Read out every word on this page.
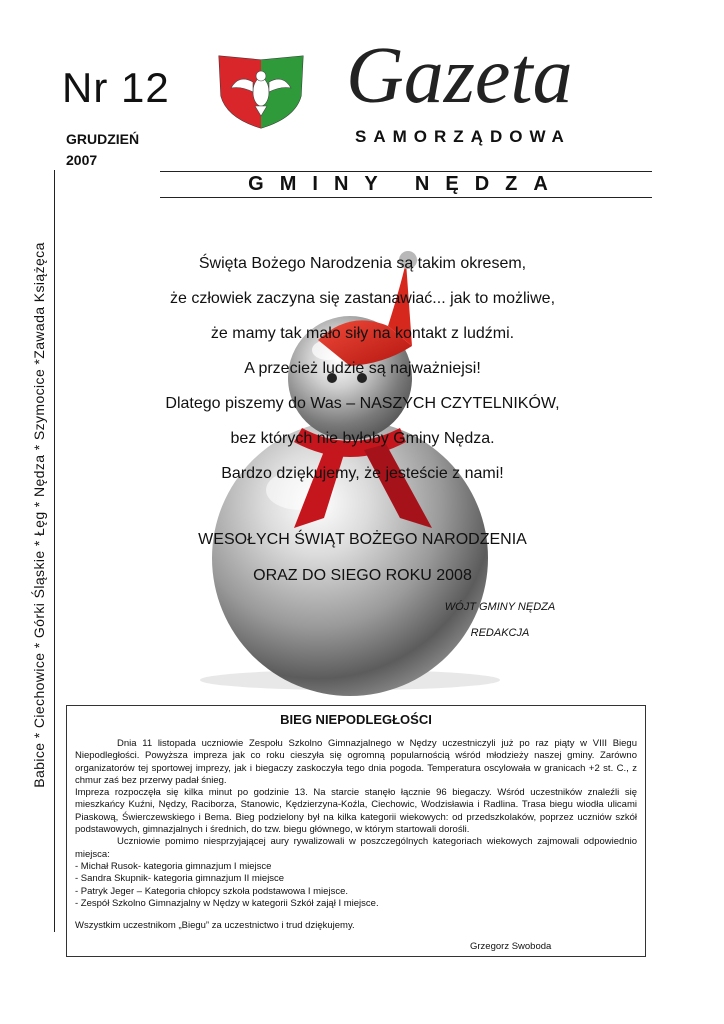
Nr 12 Gazeta
GRUDZIEŃ
2007
SAMORZĄDOWA
GMINY NĘDZA
Babice * Ciechowice * Górki Śląskie * Łęg * Nędza * Szymocice *Zawada Książęca	Święta Bożego Narodzenia są takim okresem,
że człowiek zaczyna się zastanawiać... jak to możliwe,
że mamy tak mało siły na kontakt z ludźmi.
A przecież ludzie są najważniejsi!
Dlatego piszemy do Was – NASZYCH CZYTELNIKÓW,
bez których nie byłoby Gminy Nędza.
Bardzo dziękujemy, że jesteście z nami!
WESOŁYCH ŚWIĄT BOŻEGO NARODZENIA
ORAZ DO SIEGO ROKU 2008
WÓJT GMINY NĘDZA
REDAKCJA
BIEG NIEPODLEGŁOŚCI

Dnia 11 listopada uczniowie Zespołu Szkolno Gimnazjalnego w Nędzy uczestniczyli już po raz piąty w VIII Biegu Niepodległości. Powyższa impreza jak co roku cieszyła się ogromną popularnością wśród młodzieży naszej gminy. Zarówno organizatorów tej sportowej imprezy, jak i biegaczy zaskoczyła tego dnia pogoda. Temperatura oscylowała w granicach +2 st. C., z chmur zaś bez przerwy padał śnieg.

Impreza rozpoczęła się kilka minut po godzinie 13. Na starcie stanęło łącznie 96 biegaczy. Wśród uczestników znaleźli się mieszkańcy Kuźni, Nędzy, Raciborza, Stanowic, Kędzierzyna-Koźla, Ciechowic, Wodzisławia i Radlina. Trasa biegu wiodła ulicami Piaskową, Świerczewskiego i Bema. Bieg podzielony był na kilka kategorii wiekowych: od przedszkolaków, poprzez uczniów szkół podstawowych, gimnazjalnych i średnich, do tzw. biegu głównego, w którym startowali dorośli.

Uczniowie pomimo niesprzyjającej aury rywalizowali w poszczególnych kategoriach wiekowych zajmowali odpowiednio miejsca:

- Michał Rusok- kategoria gimnazjum I miejsce

- Sandra Skupnik- kategoria gimnazjum II miejsce

- Patryk Jeger – Kategoria chłopcy szkoła podstawowa I miejsce.

- Zespół Szkolno Gimnazjalny w Nędzy w kategorii Szkół zajął I miejsce.

Wszystkim uczestnikom „Biegu” za uczestnictwo i trud dziękujemy.

Grzegorz Swoboda
